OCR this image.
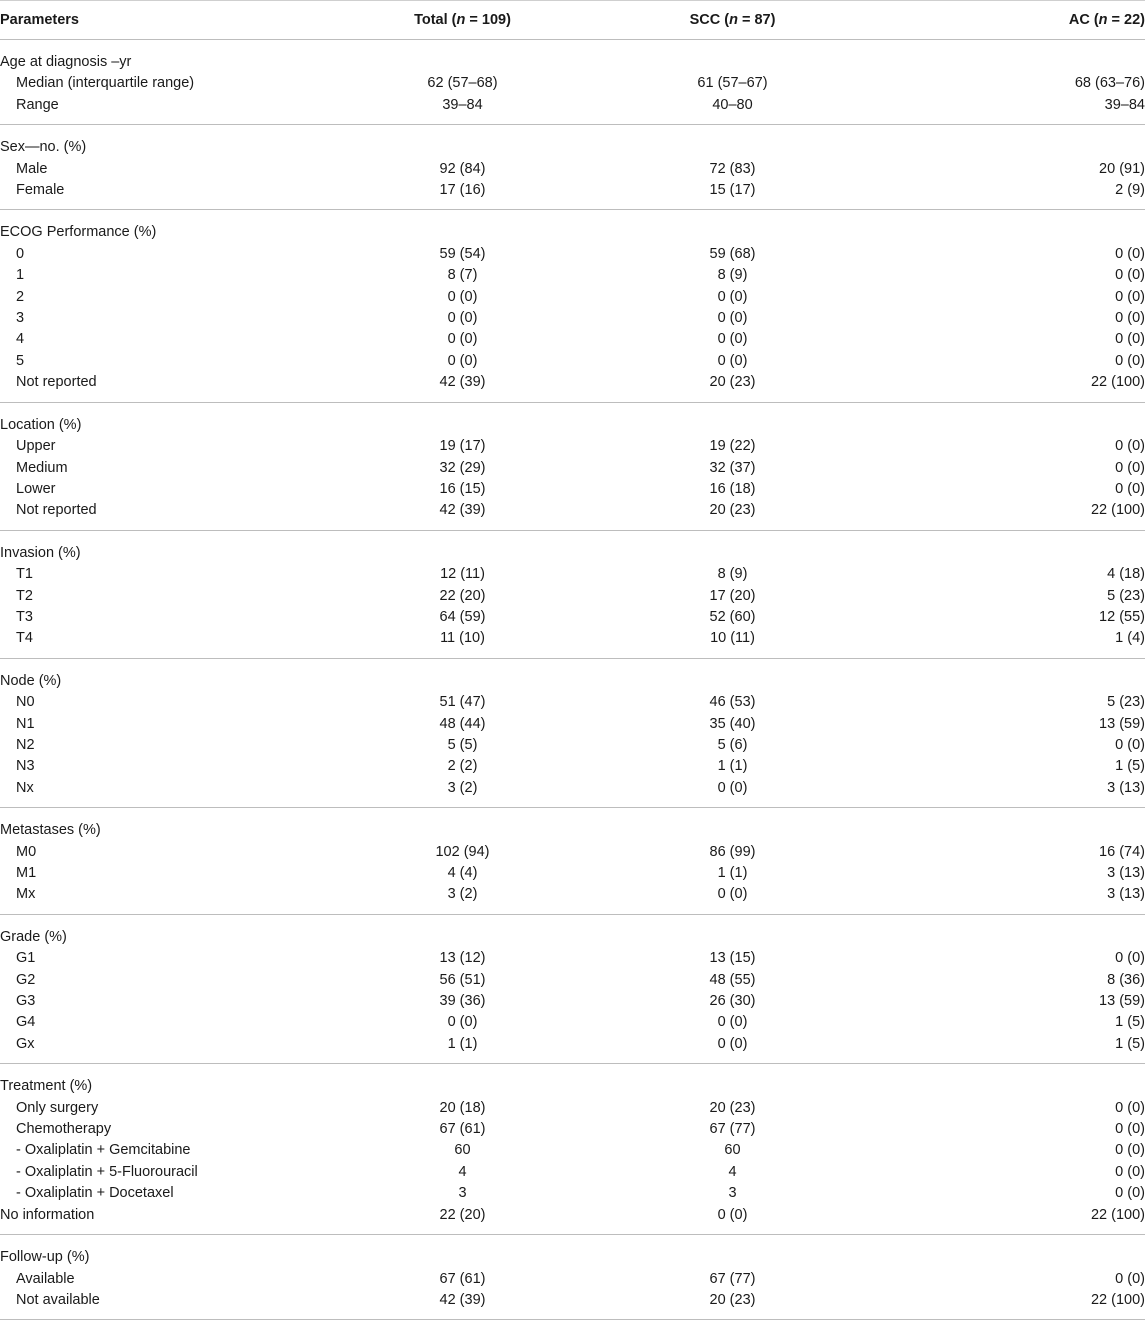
Parameters	Total (n = 109)	SCC (n = 87)	AC (n = 22)

Age at diagnosis –yr			
Median (interquartile range)	62 (57–68)	61 (57–67)	68 (63–76)
Range	39–84	40–80	39–84

Sex—no. (%)			
Male	92 (84)	72 (83)	20 (91)
Female	17 (16)	15 (17)	2 (9)

ECOG Performance (%)			
0	59 (54)	59 (68)	0 (0)
1	8 (7)	8 (9)	0 (0)
2	0 (0)	0 (0)	0 (0)
3	0 (0)	0 (0)	0 (0)
4	0 (0)	0 (0)	0 (0)
5	0 (0)	0 (0)	0 (0)
Not reported	42 (39)	20 (23)	22 (100)

Location (%)			
Upper	19 (17)	19 (22)	0 (0)
Medium	32 (29)	32 (37)	0 (0)
Lower	16 (15)	16 (18)	0 (0)
Not reported	42 (39)	20 (23)	22 (100)

Invasion (%)			
T1	12 (11)	8 (9)	4 (18)
T2	22 (20)	17 (20)	5 (23)
T3	64 (59)	52 (60)	12 (55)
T4	11 (10)	10 (11)	1 (4)

Node (%)			
N0	51 (47)	46 (53)	5 (23)
N1	48 (44)	35 (40)	13 (59)
N2	5 (5)	5 (6)	0 (0)
N3	2 (2)	1 (1)	1 (5)
Nx	3 (2)	0 (0)	3 (13)

Metastases (%)			
M0	102 (94)	86 (99)	16 (74)
M1	4 (4)	1 (1)	3 (13)
Mx	3 (2)	0 (0)	3 (13)

Grade (%)			
G1	13 (12)	13 (15)	0 (0)
G2	56 (51)	48 (55)	8 (36)
G3	39 (36)	26 (30)	13 (59)
G4	0 (0)	0 (0)	1 (5)
Gx	1 (1)	0 (0)	1 (5)

Treatment (%)			
Only surgery	20 (18)	20 (23)	0 (0)
Chemotherapy	67 (61)	67 (77)	0 (0)
- Oxaliplatin + Gemcitabine	60	60	0 (0)
- Oxaliplatin + 5-Fluorouracil	4	4	0 (0)
- Oxaliplatin + Docetaxel	3	3	0 (0)
No information	22 (20)	0 (0)	22 (100)

Follow-up (%)			
Available	67 (61)	67 (77)	0 (0)
Not available	42 (39)	20 (23)	22 (100)
